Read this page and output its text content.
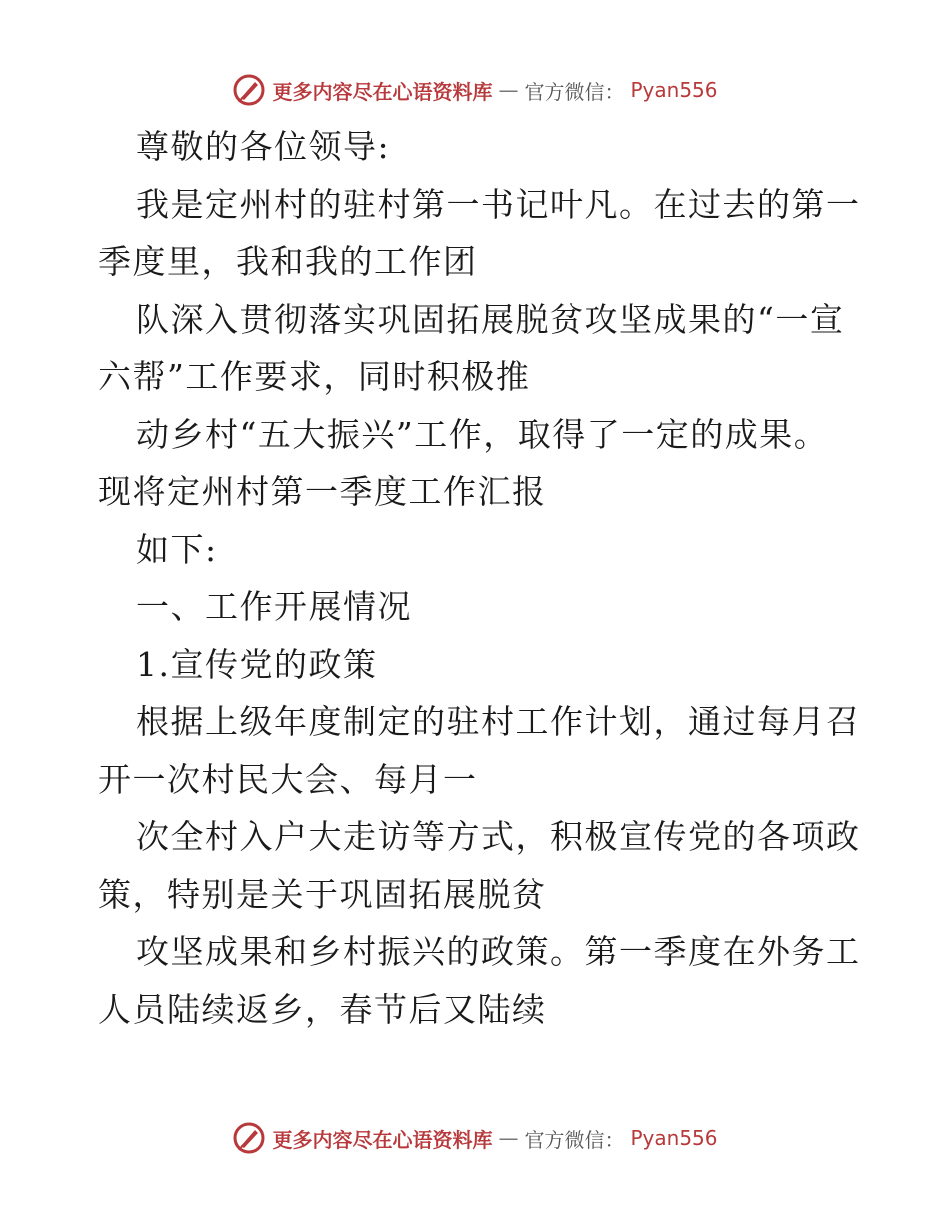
更多内容尽在心语资料库 — 官方微信： Pyan556
尊敬的各位领导:
我是定州村的驻村第一书记叶凡。在过去的第一
季度里，我和我的工作团
队深入贯彻落实巩固拓展脱贫攻坚成果的“一宣
六帮”工作要求，同时积极推
动乡村“五大振兴”工作，取得了一定的成果。
现将定州村第一季度工作汇报
如下:
一、工作开展情况
1.宣传党的政策
根据上级年度制定的驻村工作计划，通过每月召
开一次村民大会、每月一
次全村入户大走访等方式，积极宣传党的各项政
策，特别是关于巩固拓展脱贫
攻坚成果和乡村振兴的政策。第一季度在外务工
人员陆续返乡，春节后又陆续
更多内容尽在心语资料库 — 官方微信： Pyan556
